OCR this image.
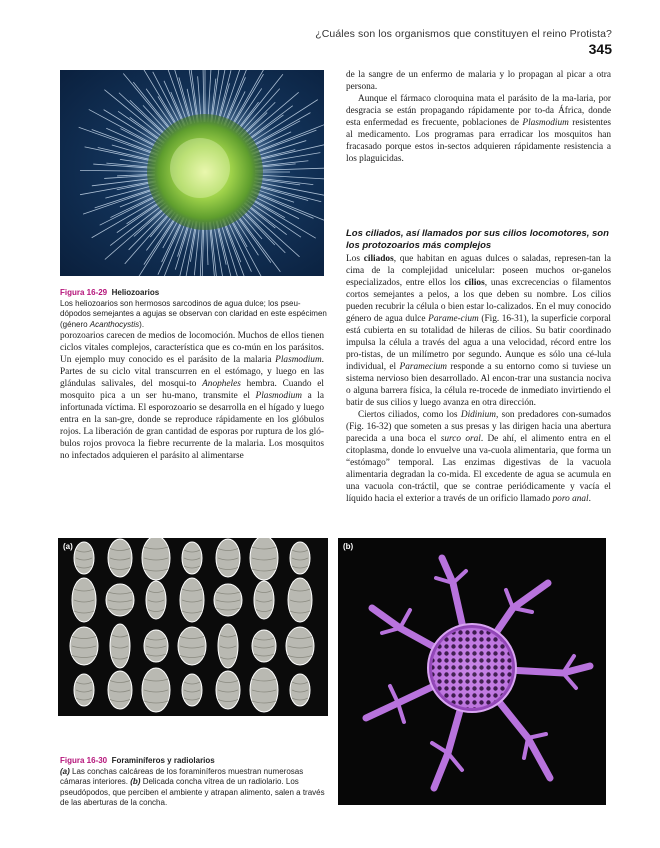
¿Cuáles son los organismos que constituyen el reino Protista?345
Figura 16-29 Heliozoarios
Los heliozoarios son hermosos sarcodinos de agua dulce; los pseu-dópodos semejantes a agujas se observan con claridad en este espécimen (género Acanthocystis).

porozoarios carecen de medios de locomoción. Muchos de ellos tienen ciclos vitales complejos, característica que es co-mún en los parásitos. Un ejemplo muy conocido es el parásito de la malaria Plasmodium. Partes de su ciclo vital transcurren en el estómago, y luego en las glándulas salivales, del mosqui-to Anopheles hembra. Cuando el mosquito pica a un ser hu-mano, transmite el Plasmodium a la infortunada víctima. El esporozoario se desarrolla en el hígado y luego entra en la san-gre, donde se reproduce rápidamente en los glóbulos rojos. La liberación de gran cantidad de esporas por ruptura de los gló-bulos rojos provoca la fiebre recurrente de la malaria. Los mosquitos no infectados adquieren el parásito al alimentarse

de la sangre de un enfermo de malaria y lo propagan al picar a otra persona.

Aunque el fármaco cloroquina mata el parásito de la ma-laria, por desgracia se están propagando rápidamente por to-da África, donde esta enfermedad es frecuente, poblaciones de Plasmodium resistentes al medicamento. Los programas para erradicar los mosquitos han fracasado porque estos in-sectos adquieren rápidamente resistencia a los plaguicidas.

Los ciliados, así llamados por sus cilios locomotores, son los protozoarios más complejos

Los ciliados, que habitan en aguas dulces o saladas, represen-tan la cima de la complejidad unicelular: poseen muchos or-ganelos especializados, entre ellos los cilios, unas excrecencias o filamentos cortos semejantes a pelos, a los que deben su nombre. Los cilios pueden recubrir la célula o bien estar lo-calizados. En el muy conocido género de agua dulce Parame-cium (Fig. 16-31), la superficie corporal está cubierta en su totalidad de hileras de cilios. Su batir coordinado impulsa la célula a través del agua a una velocidad, récord entre los pro-tistas, de un milímetro por segundo. Aunque es sólo una cé-lula individual, el Paramecium responde a su entorno como si tuviese un sistema nervioso bien desarrollado. Al encon-trar una sustancia nociva o alguna barrera física, la célula re-trocede de inmediato invirtiendo el batir de sus cilios y luego avanza en otra dirección.

Ciertos ciliados, como los Didinium, son predadores con-sumados (Fig. 16-32) que someten a sus presas y las dirigen hacia una abertura parecida a una boca el surco oral. De ahí, el alimento entra en el citoplasma, donde lo envuelve una va-cuola alimentaria, que forma un “estómago” temporal. Las enzimas digestivas de la vacuola alimentaria degradan la co-mida. El excedente de agua se acumula en una vacuola con-tráctil, que se contrae periódicamente y vacía el líquido hacia el exterior a través de un orificio llamado poro anal.

(a)	(b)
Figura 16-30 Foraminíferos y radiolarios
(a) Las conchas calcáreas de los foraminíferos muestran numerosas cámaras interiores. (b) Delicada concha vítrea de un radiolario. Los pseudópodos, que perciben el ambiente y atrapan alimento, salen a través de las aberturas de la concha.
